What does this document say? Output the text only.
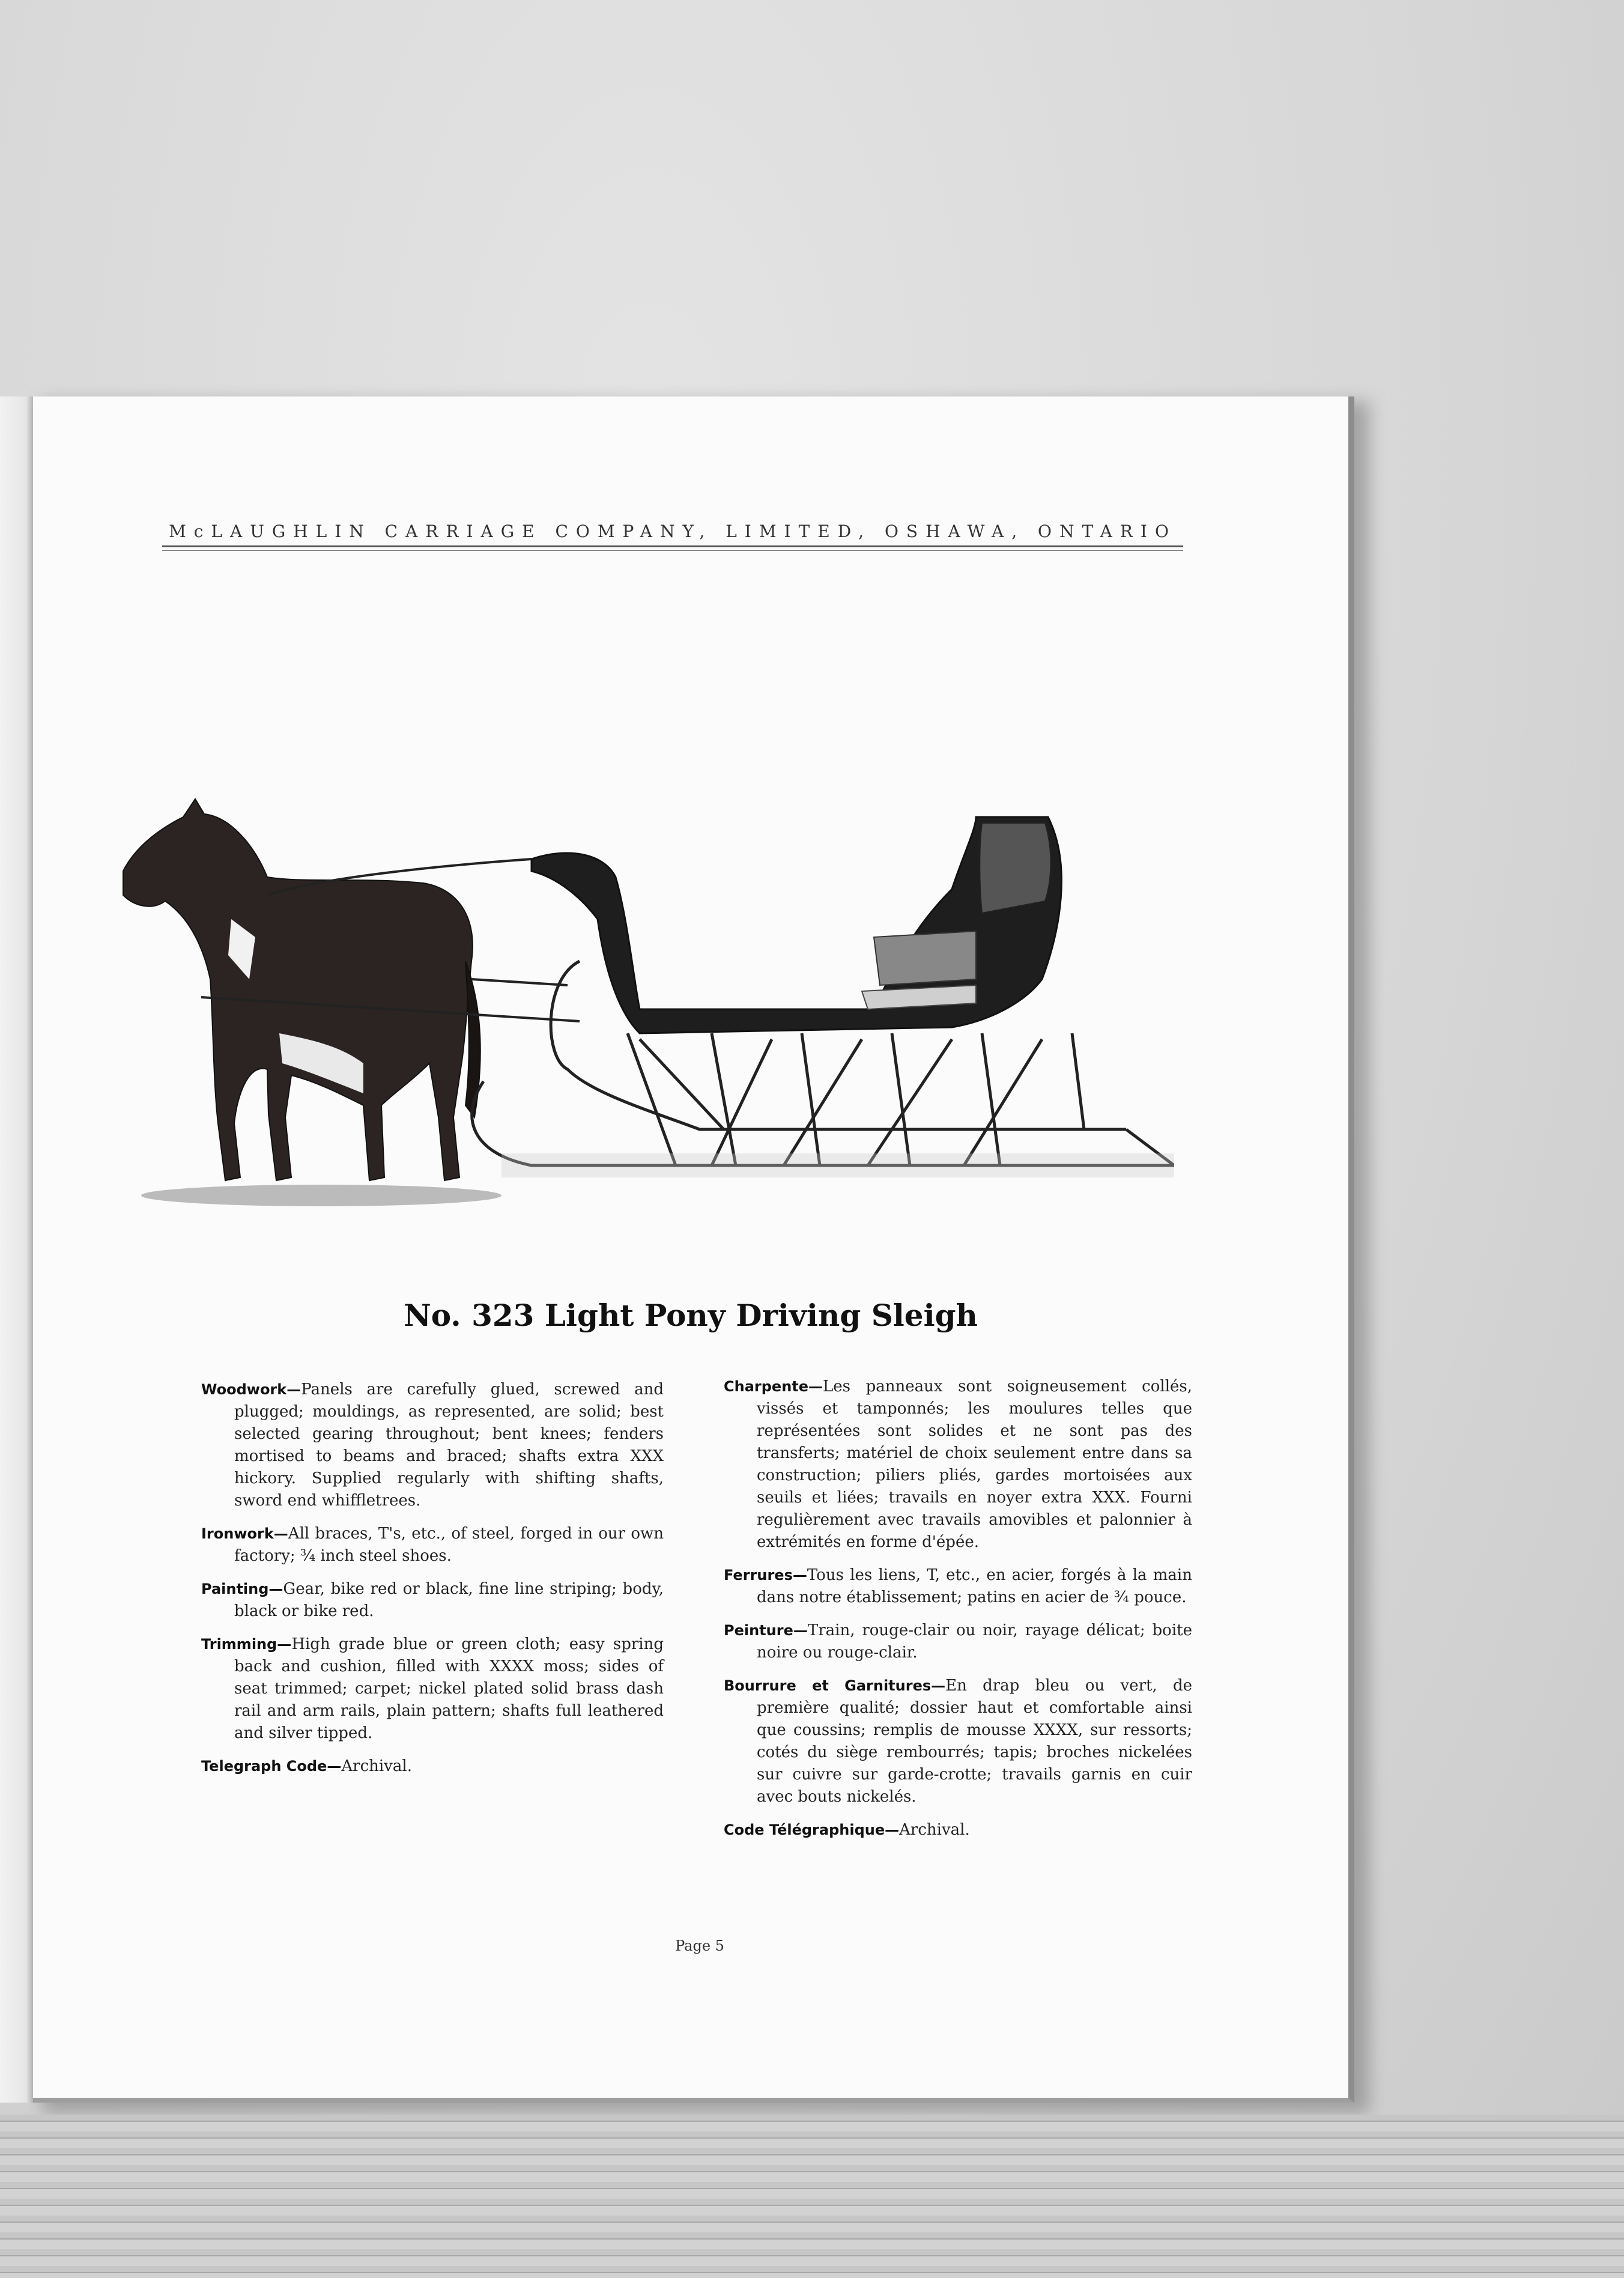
McLAUGHLIN CARRIAGE COMPANY, LIMITED, OSHAWA, ONTARIO
No. 323 Light Pony Driving Sleigh

Woodwork—Panels are carefully glued, screwed and plugged; mouldings, as represented, are solid; best selected gearing throughout; bent knees; fenders mortised to beams and braced; shafts extra XXX hickory. Supplied regularly with shifting shafts, sword end whiffletrees.

Ironwork—All braces, T's, etc., of steel, forged in our own factory; ¾ inch steel shoes.

Painting—Gear, bike red or black, fine line striping; body, black or bike red.

Trimming—High grade blue or green cloth; easy spring back and cushion, filled with XXXX moss; sides of seat trimmed; carpet; nickel plated solid brass dash rail and arm rails, plain pattern; shafts full leathered and silver tipped.

Telegraph Code—Archival.

Charpente—Les panneaux sont soigneusement collés, vissés et tamponnés; les moulures telles que représentées sont solides et ne sont pas des transferts; matériel de choix seulement entre dans sa construction; piliers pliés, gardes mortoisées aux seuils et liées; travails en noyer extra XXX. Fourni regulièrement avec travails amovibles et palonnier à extrémités en forme d'épée.

Ferrures—Tous les liens, T, etc., en acier, forgés à la main dans notre établissement; patins en acier de ¾ pouce.

Peinture—Train, rouge-clair ou noir, rayage délicat; boite noire ou rouge-clair.

Bourrure et Garnitures—En drap bleu ou vert, de première qualité; dossier haut et comfortable ainsi que coussins; remplis de mousse XXXX, sur ressorts; cotés du siège rembourrés; tapis; broches nickelées sur cuivre sur garde-crotte; travails garnis en cuir avec bouts nickelés.

Code Télégraphique—Archival.

Page 5
